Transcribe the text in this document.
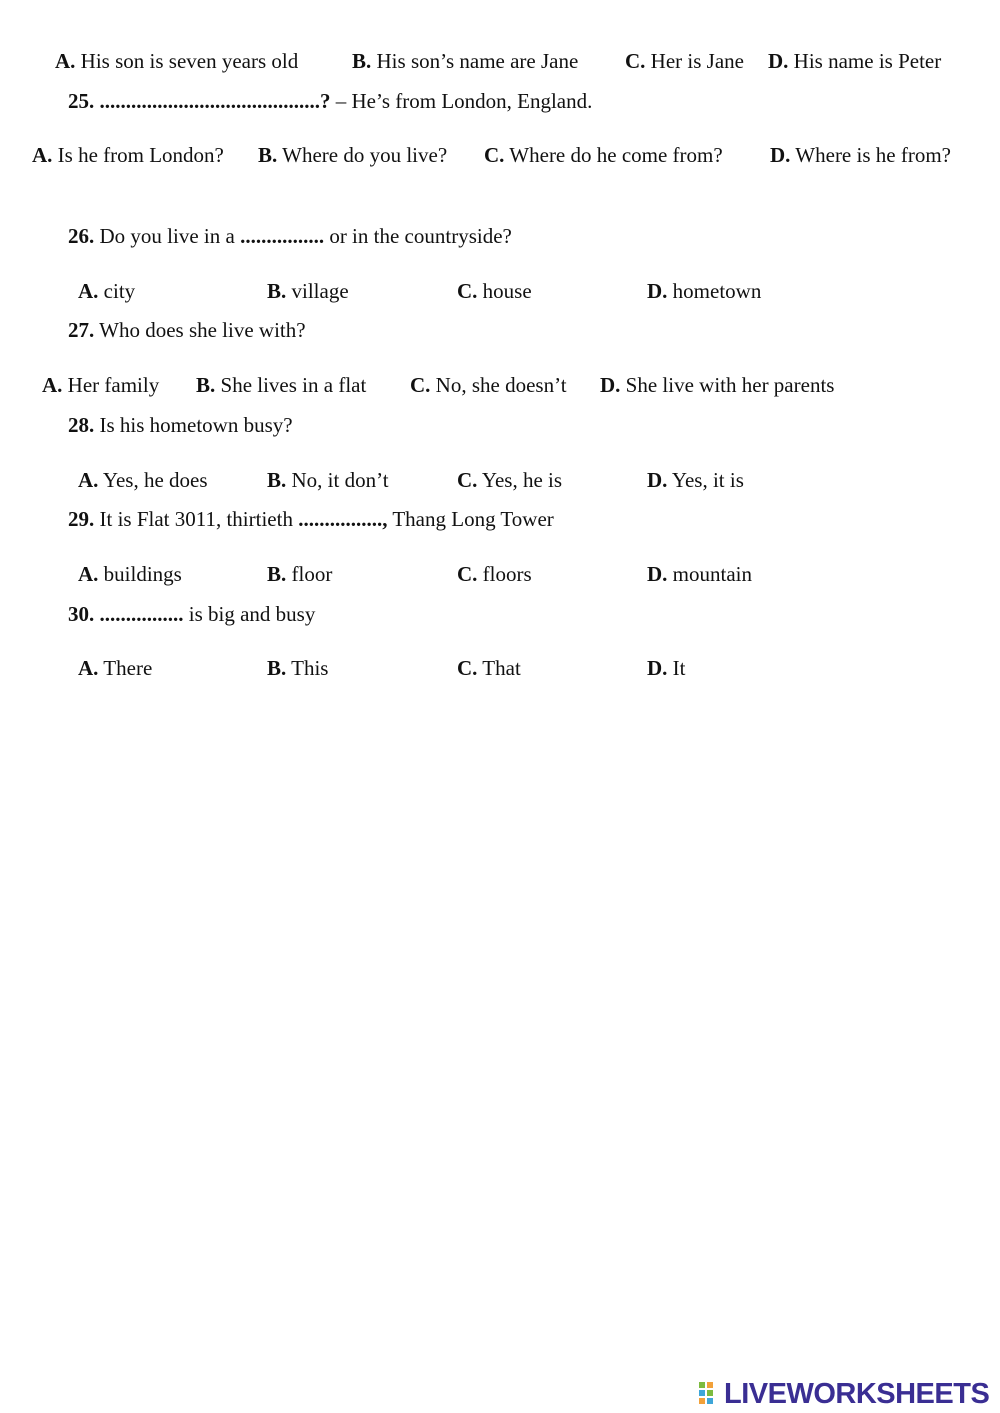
A. His son is seven years old	B. His son’s name are Jane C. Her is Jane D. His name is Peter
25. ..........................................? – He’s from London, England.
A. Is he from London? B. Where do you live? C. Where do he come from? D. Where is he from?
26. Do you live in a ................ or in the countryside?
A. city	B. village	C. house	D. hometown
27. Who does she live with?
A. Her family B. She lives in a flat C. No, she doesn’t D. She live with her parents
28. Is his hometown busy?
A. Yes, he does	B. No, it don’t	C. Yes, he is	D. Yes, it is
29. It is Flat 3011, thirtieth ................, Thang Long Tower
A. buildings	B. floor	C. floors	D. mountain
30. ................ is big and busy
A. There	B. This	C. That	D. It
LIVEWORKSHEETS
